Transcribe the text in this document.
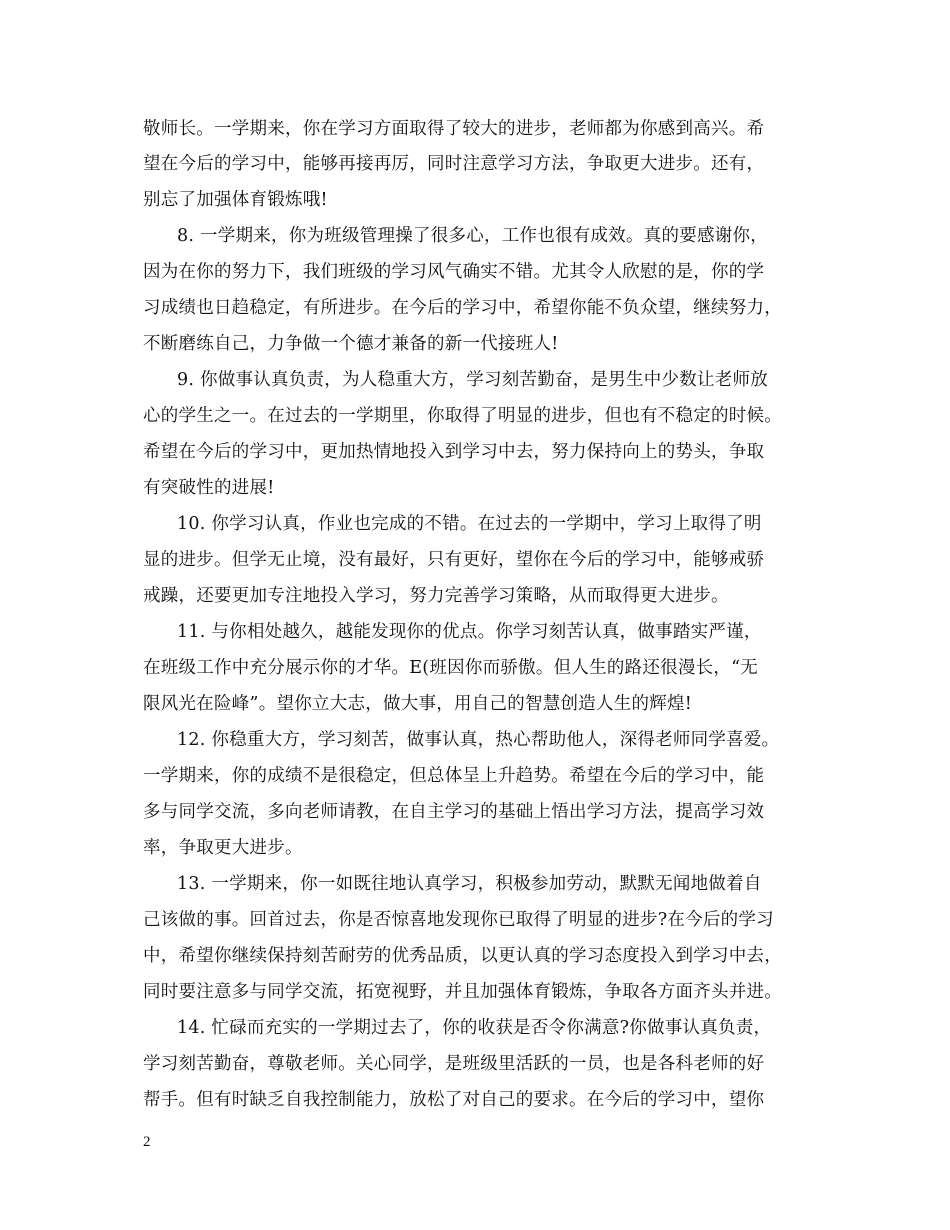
敬师长。一学期来，你在学习方面取得了较大的进步，老师都为你感到高兴。希
望在今后的学习中，能够再接再厉，同时注意学习方法，争取更大进步。还有，
别忘了加强体育锻炼哦!
8. 一学期来，你为班级管理操了很多心，工作也很有成效。真的要感谢你，
因为在你的努力下，我们班级的学习风气确实不错。尤其令人欣慰的是，你的学
习成绩也日趋稳定，有所进步。在今后的学习中，希望你能不负众望，继续努力，
不断磨练自己，力争做一个德才兼备的新一代接班人!
9. 你做事认真负责，为人稳重大方，学习刻苦勤奋，是男生中少数让老师放
心的学生之一。在过去的一学期里，你取得了明显的进步，但也有不稳定的时候。
希望在今后的学习中，更加热情地投入到学习中去，努力保持向上的势头，争取
有突破性的进展!
10. 你学习认真，作业也完成的不错。在过去的一学期中，学习上取得了明
显的进步。但学无止境，没有最好，只有更好，望你在今后的学习中，能够戒骄
戒躁，还要更加专注地投入学习，努力完善学习策略，从而取得更大进步。
11. 与你相处越久，越能发现你的优点。你学习刻苦认真，做事踏实严谨，
在班级工作中充分展示你的才华。E(班因你而骄傲。但人生的路还很漫长，“无
限风光在险峰”。望你立大志，做大事，用自己的智慧创造人生的辉煌!
12. 你稳重大方，学习刻苦，做事认真，热心帮助他人，深得老师同学喜爱。
一学期来，你的成绩不是很稳定，但总体呈上升趋势。希望在今后的学习中，能
多与同学交流，多向老师请教，在自主学习的基础上悟出学习方法，提高学习效
率，争取更大进步。
13. 一学期来，你一如既往地认真学习，积极参加劳动，默默无闻地做着自
己该做的事。回首过去，你是否惊喜地发现你已取得了明显的进步?在今后的学习
中，希望你继续保持刻苦耐劳的优秀品质，以更认真的学习态度投入到学习中去，
同时要注意多与同学交流，拓宽视野，并且加强体育锻炼，争取各方面齐头并进。
14. 忙碌而充实的一学期过去了，你的收获是否令你满意?你做事认真负责，
学习刻苦勤奋，尊敬老师。关心同学，是班级里活跃的一员，也是各科老师的好
帮手。但有时缺乏自我控制能力，放松了对自己的要求。在今后的学习中，望你
2
